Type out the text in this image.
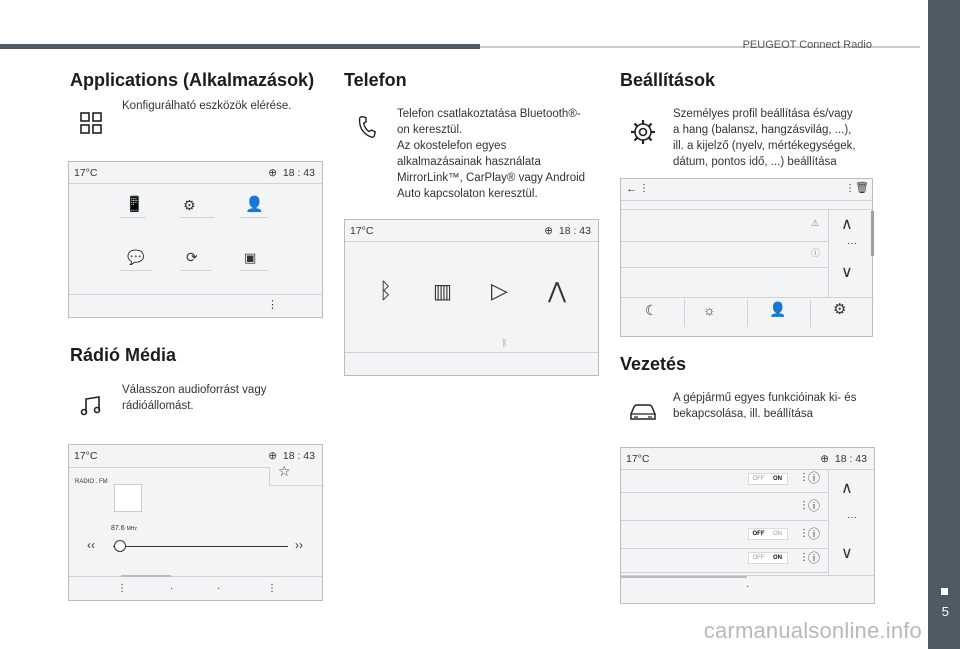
PEUGEOT Connect Radio
5
Applications (Alkalmazások)
Konfigurálható eszközök elérése.
17°C	⊕ 18 : 43
📱	⚙	👤
💬	⟳	▣
⋮
Rádió Média
Válasszon audioforrást vagy rádióállomást.
17°C	⊕ 18 : 43
☆
RADIO . FM
87.6 MHz
‹‹	››
⋮	·	·	⋮
Telefon
Telefon csatlakoztatása Bluetooth®-
on keresztül.
Az okostelefon egyes
alkalmazásainak használata
MirrorLink™, CarPlay® vagy Android
Auto kapcsolaton keresztül.
17°C	⊕ 18 : 43
ᛒ ▥ ▷ ⋀
ᛒ
Beállítások
Személyes profil beállítása és/vagy
a hang (balansz, hangzásvilág, ...),
ill. a kijelző (nyelv, mértékegységek,
dátum, pontos idő, ...) beállítása
← ⋮	⋮ 🗑
⚠
ⓘ
∧
···
∨
☾	☼	👤	⚙
Vezetés
A gépjármű egyes funkcióinak ki- és
bekapcsolása, ill. beállítása
17°C	⊕ 18 : 43
OFF ON	⋮ ⓘ
⋮ ⓘ
OFF ON	⋮ ⓘ
OFF ON	⋮ ⓘ
∧
···
∨
·
carmanualsonline.info
